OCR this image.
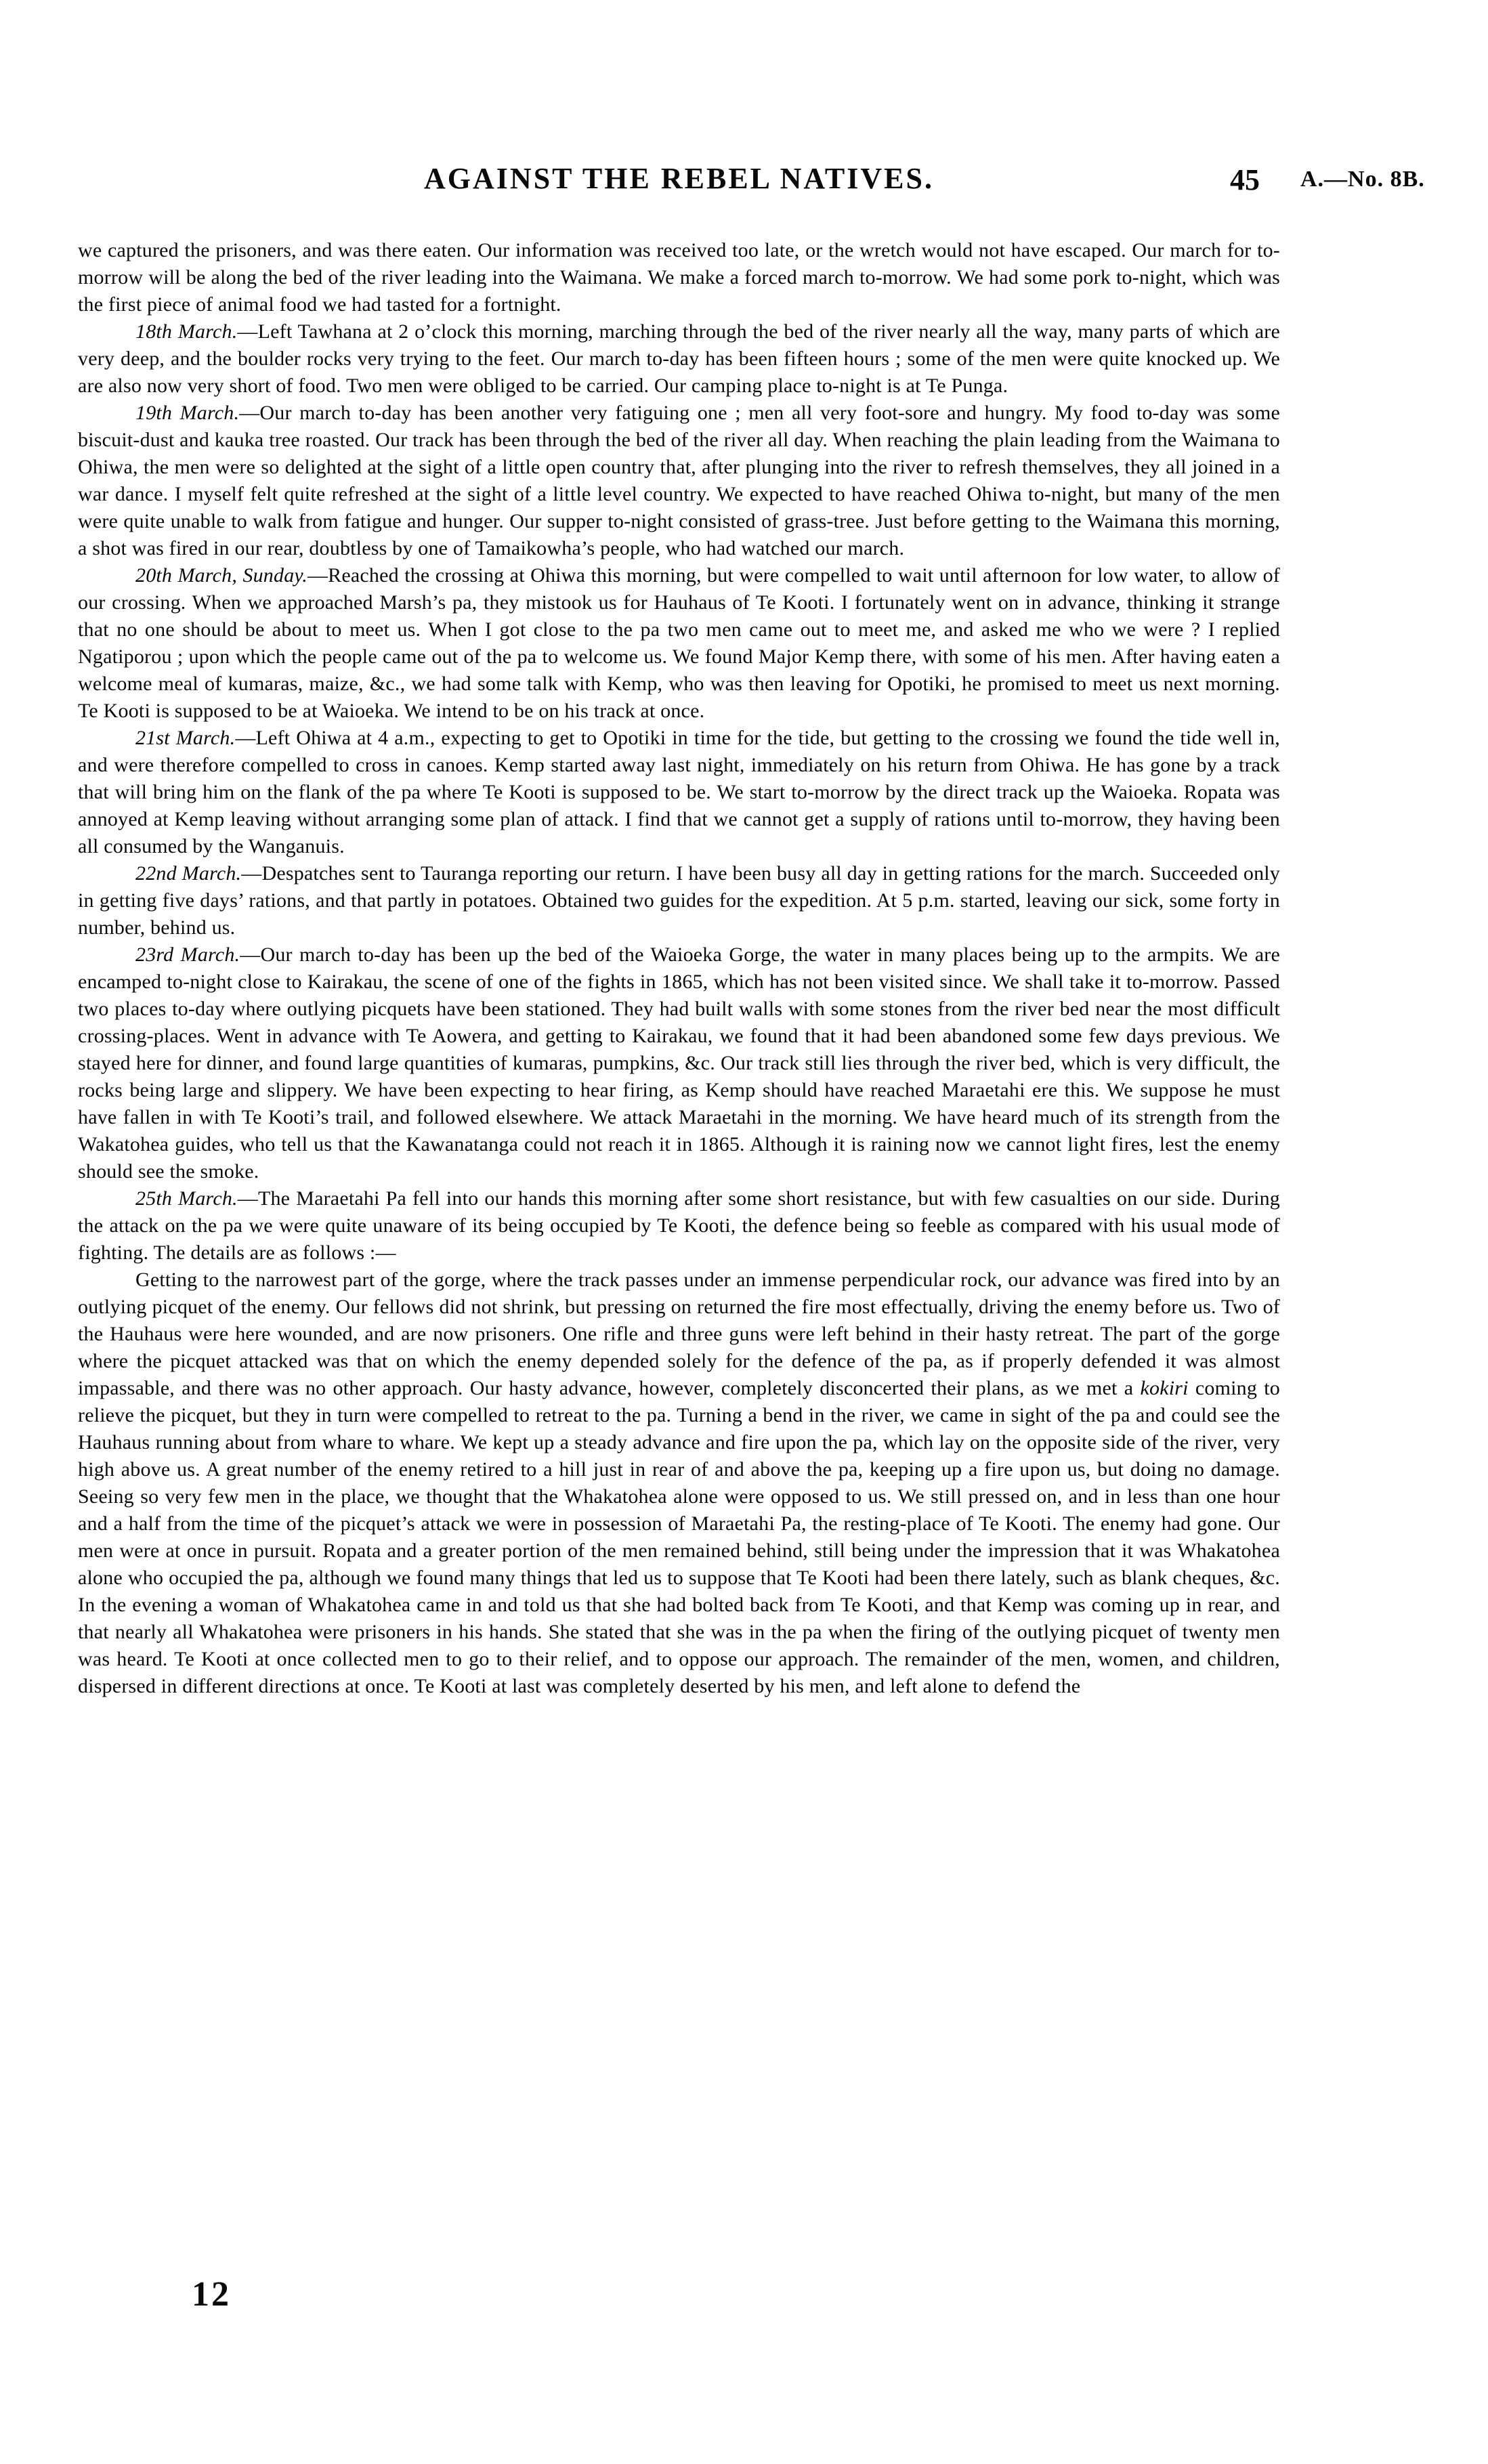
AGAINST THE REBEL NATIVES.	45 A.—No. 8B.

we captured the prisoners, and was there eaten. Our information was received too late, or the wretch would not have escaped. Our march for to-morrow will be along the bed of the river leading into the Waimana. We make a forced march to-morrow. We had some pork to-night, which was the first piece of animal food we had tasted for a fortnight.

18th March.—Left Tawhana at 2 o’clock this morning, marching through the bed of the river nearly all the way, many parts of which are very deep, and the boulder rocks very trying to the feet. Our march to-day has been fifteen hours ; some of the men were quite knocked up. We are also now very short of food. Two men were obliged to be carried. Our camping place to-night is at Te Punga.

19th March.—Our march to-day has been another very fatiguing one ; men all very foot-sore and hungry. My food to-day was some biscuit-dust and kauka tree roasted. Our track has been through the bed of the river all day. When reaching the plain leading from the Waimana to Ohiwa, the men were so delighted at the sight of a little open country that, after plunging into the river to refresh themselves, they all joined in a war dance. I myself felt quite refreshed at the sight of a little level country. We expected to have reached Ohiwa to-night, but many of the men were quite unable to walk from fatigue and hunger. Our supper to-night consisted of grass-tree. Just before getting to the Waimana this morning, a shot was fired in our rear, doubtless by one of Tamaikowha’s people, who had watched our march.

20th March, Sunday.—Reached the crossing at Ohiwa this morning, but were compelled to wait until afternoon for low water, to allow of our crossing. When we approached Marsh’s pa, they mistook us for Hauhaus of Te Kooti. I fortunately went on in advance, thinking it strange that no one should be about to meet us. When I got close to the pa two men came out to meet me, and asked me who we were ? I replied Ngatiporou ; upon which the people came out of the pa to welcome us. We found Major Kemp there, with some of his men. After having eaten a welcome meal of kumaras, maize, &c., we had some talk with Kemp, who was then leaving for Opotiki, he promised to meet us next morning. Te Kooti is supposed to be at Waioeka. We intend to be on his track at once.

21st March.—Left Ohiwa at 4 a.m., expecting to get to Opotiki in time for the tide, but getting to the crossing we found the tide well in, and were therefore compelled to cross in canoes. Kemp started away last night, immediately on his return from Ohiwa. He has gone by a track that will bring him on the flank of the pa where Te Kooti is supposed to be. We start to-morrow by the direct track up the Waioeka. Ropata was annoyed at Kemp leaving without arranging some plan of attack. I find that we cannot get a supply of rations until to-morrow, they having been all consumed by the Wanganuis.

22nd March.—Despatches sent to Tauranga reporting our return. I have been busy all day in getting rations for the march. Succeeded only in getting five days’ rations, and that partly in potatoes. Obtained two guides for the expedition. At 5 p.m. started, leaving our sick, some forty in number, behind us.

23rd March.—Our march to-day has been up the bed of the Waioeka Gorge, the water in many places being up to the armpits. We are encamped to-night close to Kairakau, the scene of one of the fights in 1865, which has not been visited since. We shall take it to-morrow. Passed two places to-day where outlying picquets have been stationed. They had built walls with some stones from the river bed near the most difficult crossing-places. Went in advance with Te Aowera, and getting to Kairakau, we found that it had been abandoned some few days previous. We stayed here for dinner, and found large quantities of kumaras, pumpkins, &c. Our track still lies through the river bed, which is very difficult, the rocks being large and slippery. We have been expecting to hear firing, as Kemp should have reached Maraetahi ere this. We suppose he must have fallen in with Te Kooti’s trail, and followed elsewhere. We attack Maraetahi in the morning. We have heard much of its strength from the Wakatohea guides, who tell us that the Kawanatanga could not reach it in 1865. Although it is raining now we cannot light fires, lest the enemy should see the smoke.

25th March.—The Maraetahi Pa fell into our hands this morning after some short resistance, but with few casualties on our side. During the attack on the pa we were quite unaware of its being occupied by Te Kooti, the defence being so feeble as compared with his usual mode of fighting. The details are as follows :—

Getting to the narrowest part of the gorge, where the track passes under an immense perpendicular rock, our advance was fired into by an outlying picquet of the enemy. Our fellows did not shrink, but pressing on returned the fire most effectually, driving the enemy before us. Two of the Hauhaus were here wounded, and are now prisoners. One rifle and three guns were left behind in their hasty retreat. The part of the gorge where the picquet attacked was that on which the enemy depended solely for the defence of the pa, as if properly defended it was almost impassable, and there was no other approach. Our hasty advance, however, completely disconcerted their plans, as we met a kokiri coming to relieve the picquet, but they in turn were compelled to retreat to the pa. Turning a bend in the river, we came in sight of the pa and could see the Hauhaus running about from whare to whare. We kept up a steady advance and fire upon the pa, which lay on the opposite side of the river, very high above us. A great number of the enemy retired to a hill just in rear of and above the pa, keeping up a fire upon us, but doing no damage. Seeing so very few men in the place, we thought that the Whakatohea alone were opposed to us. We still pressed on, and in less than one hour and a half from the time of the picquet’s attack we were in possession of Maraetahi Pa, the resting-place of Te Kooti. The enemy had gone. Our men were at once in pursuit. Ropata and a greater portion of the men remained behind, still being under the impression that it was Whakatohea alone who occupied the pa, although we found many things that led us to suppose that Te Kooti had been there lately, such as blank cheques, &c. In the evening a woman of Whakatohea came in and told us that she had bolted back from Te Kooti, and that Kemp was coming up in rear, and that nearly all Whakatohea were prisoners in his hands. She stated that she was in the pa when the firing of the outlying picquet of twenty men was heard. Te Kooti at once collected men to go to their relief, and to oppose our approach. The remainder of the men, women, and children, dispersed in different directions at once. Te Kooti at last was completely deserted by his men, and left alone to defend the

12
